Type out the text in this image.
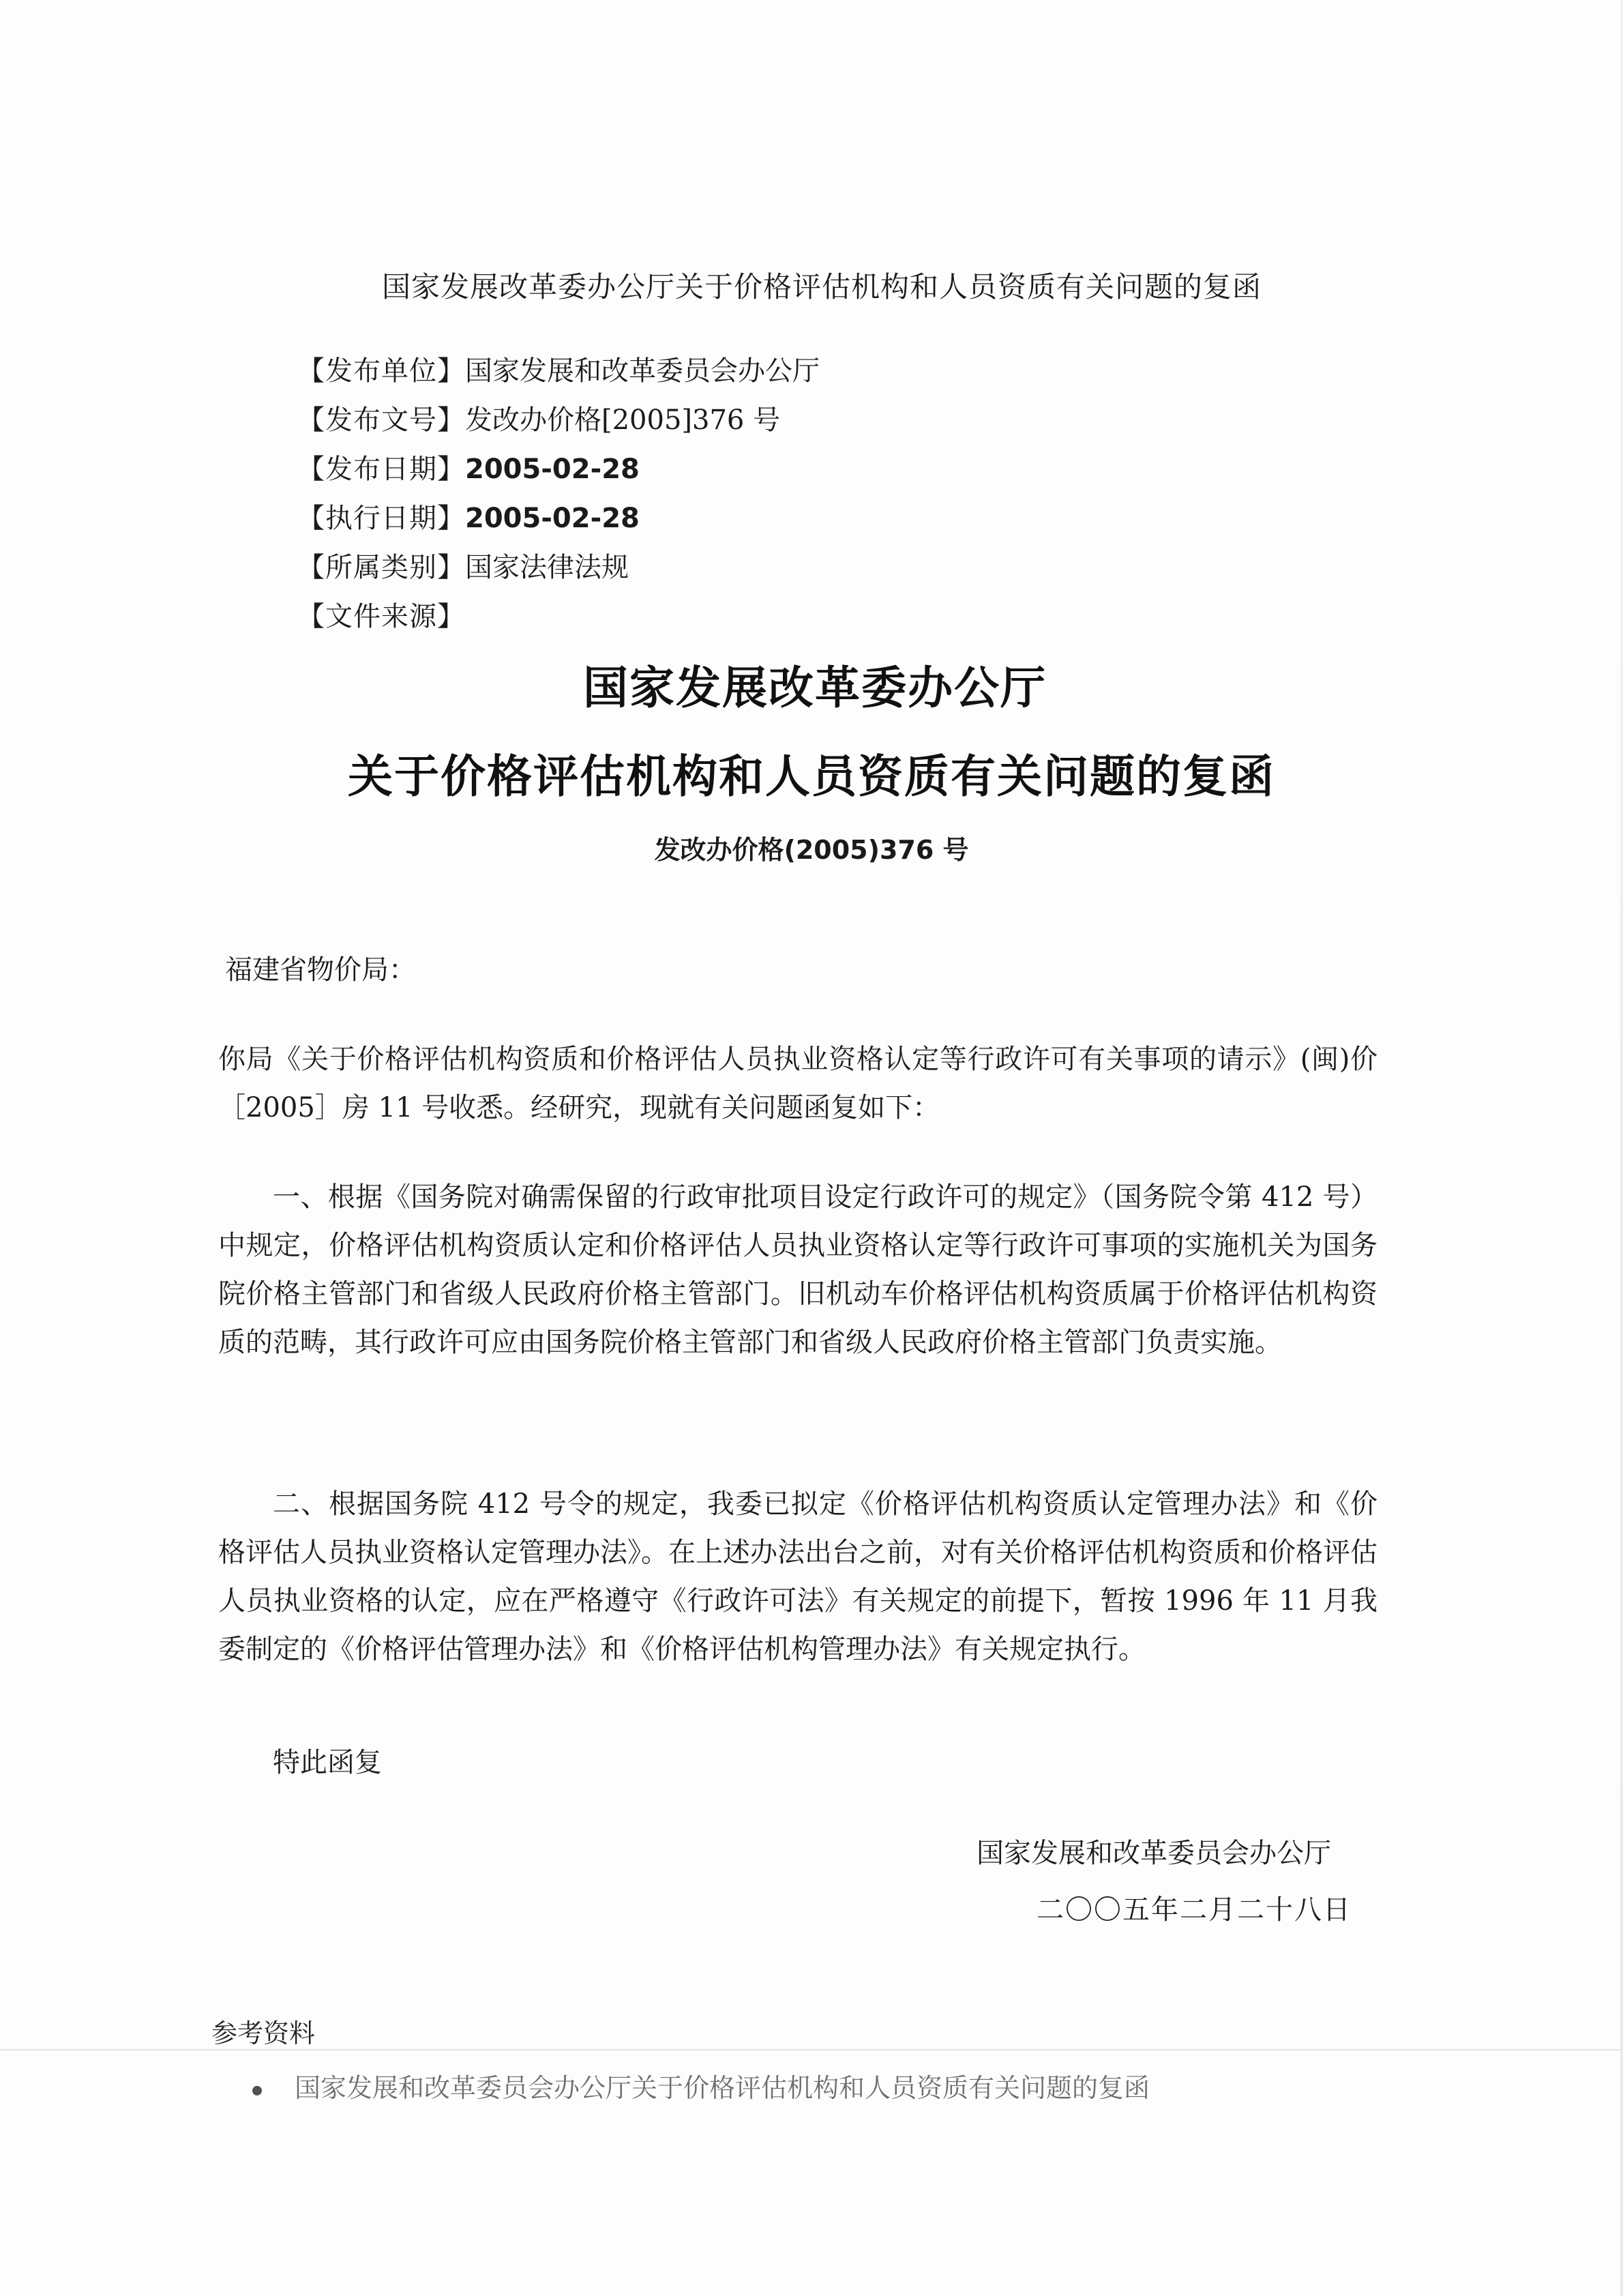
国家发展改革委办公厅关于价格评估机构和人员资质有关问题的复函
【发布单位】国家发展和改革委员会办公厅
【发布文号】发改办价格[2005]376 号
【发布日期】2005-02-28
【执行日期】2005-02-28
【所属类别】国家法律法规
【文件来源】
国家发展改革委办公厅
关于价格评估机构和人员资质有关问题的复函
发改办价格(2005)376 号
福建省物价局：
你局《关于价格评估机构资质和价格评估人员执业资格认定等行政许可有关事项的请示》(闽)价［2005］房 11 号收悉。经研究，现就有关问题函复如下：
一、根据《国务院对确需保留的行政审批项目设定行政许可的规定》（国务院令第 412 号）中规定，价格评估机构资质认定和价格评估人员执业资格认定等行政许可事项的实施机关为国务院价格主管部门和省级人民政府价格主管部门。旧机动车价格评估机构资质属于价格评估机构资质的范畴，其行政许可应由国务院价格主管部门和省级人民政府价格主管部门负责实施。
二、根据国务院 412 号令的规定，我委已拟定《价格评估机构资质认定管理办法》和《价格评估人员执业资格认定管理办法》。在上述办法出台之前，对有关价格评估机构资质和价格评估人员执业资格的认定，应在严格遵守《行政许可法》有关规定的前提下，暂按 1996 年 11 月我委制定的《价格评估管理办法》和《价格评估机构管理办法》有关规定执行。
特此函复
国家发展和改革委员会办公厅
二〇〇五年二月二十八日
参考资料
国家发展和改革委员会办公厅关于价格评估机构和人员资质有关问题的复函
